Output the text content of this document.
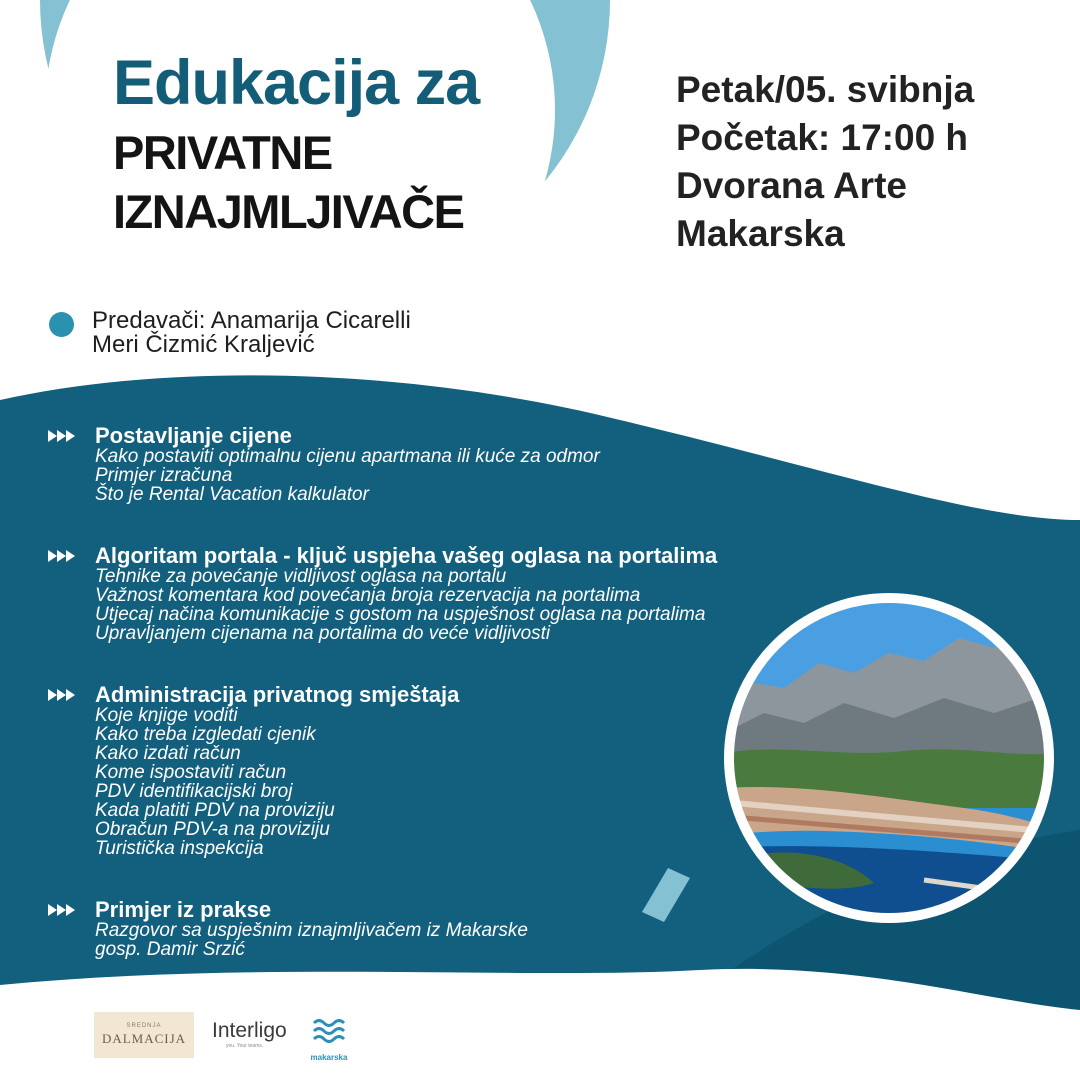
Edukacija za
PRIVATNE
IZNAJMLJIVAČE
Petak/05. svibnja
Početak: 17:00 h
Dvorana Arte
Makarska
Predavači: Anamarija Cicarelli
Meri Čizmić Kraljević
Postavljanje cijene
Kako postaviti optimalnu cijenu apartmana ili kuće za odmor
Primjer izračuna
Što je Rental Vacation kalkulator
Algoritam portala - ključ uspjeha vašeg oglasa na portalima
Tehnike za povećanje vidljivost oglasa na portalu
Važnost komentara kod povećanja broja rezervacija na portalima
Utjecaj načina komunikacije s gostom na uspješnost oglasa na portalima
Upravljanjem cijenama na portalima do veće vidljivosti
Administracija privatnog smještaja
Koje knjige voditi
Kako treba izgledati cjenik
Kako izdati račun
Kome ispostaviti račun
PDV identifikacijski broj
Kada platiti PDV na proviziju
Obračun PDV-a na proviziju
Turistička inspekcija
Primjer iz prakse
Razgovor sa uspješnim iznajmljivačem iz Makarske
gosp. Damir Srzić
SREDNJA
DALMACIJA	Interligo
you. Your teams.
makarska
